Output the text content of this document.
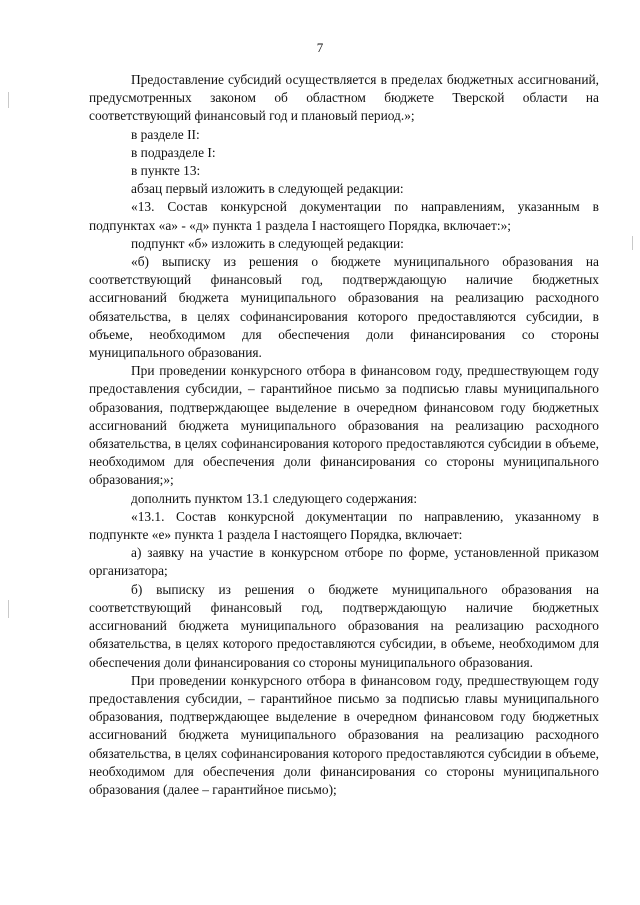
7

Предоставление субсидий осуществляется в пределах бюджетных ассигнований, предусмотренных законом об областном бюджете Тверской области на соответствующий финансовый год и плановый период.»;

в разделе II:

в подразделе I:

в пункте 13:

абзац первый изложить в следующей редакции:

«13. Состав конкурсной документации по направлениям, указанным в подпунктах «а» - «д» пункта 1 раздела I настоящего Порядка, включает:»;

подпункт «б» изложить в следующей редакции:

«б) выписку из решения о бюджете муниципального образования на соответствующий финансовый год, подтверждающую наличие бюджетных ассигнований бюджета муниципального образования на реализацию расходного обязательства, в целях софинансирования которого предоставляются субсидии, в объеме, необходимом для обеспечения доли финансирования со стороны муниципального образования.

При проведении конкурсного отбора в финансовом году, предшествующем году предоставления субсидии, – гарантийное письмо за подписью главы муниципального образования, подтверждающее выделение в очередном финансовом году бюджетных ассигнований бюджета муниципального образования на реализацию расходного обязательства, в целях софинансирования которого предоставляются субсидии в объеме, необходимом для обеспечения доли финансирования со стороны муниципального образования;»;

дополнить пунктом 13.1 следующего содержания:

«13.1. Состав конкурсной документации по направлению, указанному в подпункте «е» пункта 1 раздела I настоящего Порядка, включает:

а) заявку на участие в конкурсном отборе по форме, установленной приказом организатора;

б) выписку из решения о бюджете муниципального образования на соответствующий финансовый год, подтверждающую наличие бюджетных ассигнований бюджета муниципального образования на реализацию расходного обязательства, в целях которого предоставляются субсидии, в объеме, необходимом для обеспечения доли финансирования со стороны муниципального образования.

При проведении конкурсного отбора в финансовом году, предшествующем году предоставления субсидии, – гарантийное письмо за подписью главы муниципального образования, подтверждающее выделение в очередном финансовом году бюджетных ассигнований бюджета муниципального образования на реализацию расходного обязательства, в целях софинансирования которого предоставляются субсидии в объеме, необходимом для обеспечения доли финансирования со стороны муниципального образования (далее – гарантийное письмо);
